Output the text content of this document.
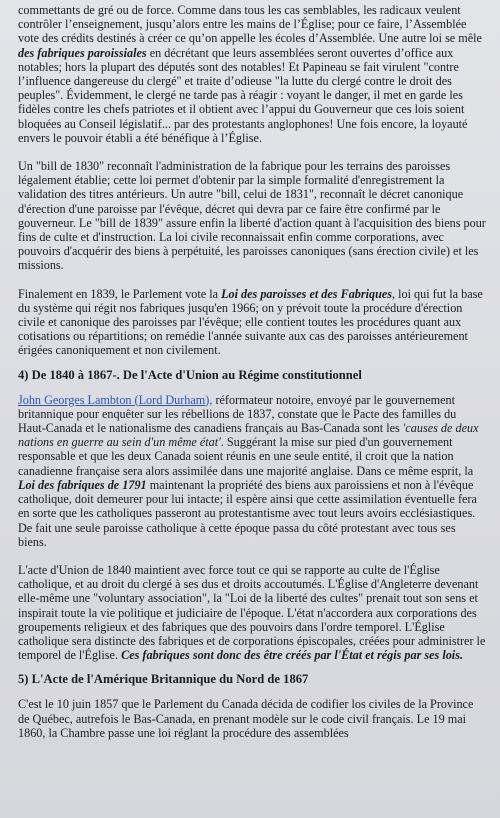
commettants de gré ou de force. Comme dans tous les cas semblables, les radicaux veulent contrôler l’enseignement, jusqu’alors entre les mains de l’Église; pour ce faire, l’Assemblée vote des crédits destinés à créer ce qu’on appelle les écoles d’Assemblée. Une autre loi se mêle des fabriques paroissiales en décrétant que leurs assemblées seront ouvertes d’office aux notables; hors la plupart des députés sont des notables! Et Papineau se fait virulent "contre l’influence dangereuse du clergé" et traite d’odieuse "la lutte du clergé contre le droit des peuples". Évidemment, le clergé ne tarde pas à réagir : voyant le danger, il met en garde les fidèles contre les chefs patriotes et il obtient avec l’appui du Gouverneur que ces lois soient bloquées au Conseil législatif... par des protestants anglophones! Une fois encore, la loyauté envers le pouvoir établi a été bénéfique à l’Église.

Un "bill de 1830" reconnaît l'administration de la fabrique pour les terrains des paroisses légalement établie; cette loi permet d'obtenir par la simple formalité d'enregistrement la validation des titres antérieurs. Un autre "bill, celui de 1831", reconnaît le décret canonique d'érection d'une paroisse par l'évêque, décret qui devra par ce faire être confirmé par le gouverneur. Le "bill de 1839" assure enfin la liberté d'action quant à l'acquisition des biens pour fins de culte et d'instruction. La loi civile reconnaissait enfin comme corporations, avec pouvoirs d'acquérir des biens à perpétuité, les paroisses canoniques (sans érection civile) et les missions.

Finalement en 1839, le Parlement vote la Loi des paroisses et des Fabriques, loi qui fut la base du système qui régit nos fabriques jusqu'en 1966; on y prévoit toute la procédure d'érection civile et canonique des paroisses par l'évêque; elle contient toutes les procédures quant aux cotisations ou répartitions; on remédie l'année suivante aux cas des paroisses antérieurement érigées canoniquement et non civilement.

4) De 1840 à 1867-. De l'Acte d'Union au Régime constitutionnel

John Georges Lambton (Lord Durham), réformateur notoire, envoyé par le gouvernement britannique pour enquêter sur les rébellions de 1837, constate que le Pacte des familles du Haut-Canada et le nationalisme des canadiens français au Bas-Canada sont les 'causes de deux nations en guerre au sein d'un même état'. Suggérant la mise sur pied d'un gouvernement responsable et que les deux Canada soient réunis en une seule entité, il croit que la nation canadienne française sera alors assimilée dans une majorité anglaise. Dans ce même esprit, la Loi des fabriques de 1791 maintenant la propriété des biens aux paroissiens et non à l'évêque catholique, doit demeurer pour lui intacte; il espère ainsi que cette assimilation éventuelle fera en sorte que les catholiques passeront au protestantisme avec tout leurs avoirs ecclésiastiques. De fait une seule paroisse catholique à cette époque passa du côté protestant avec tous ses biens.

L'acte d'Union de 1840 maintient avec force tout ce qui se rapporte au culte de l'Église catholique, et au droit du clergé à ses dus et droits accoutumés. L'Église d'Angleterre devenant elle-même une "voluntary association", la "Loi de la liberté des cultes" prenait tout son sens et inspirait toute la vie politique et judiciaire de l'époque. L'état n'accordera aux corporations des groupements religieux et des fabriques que des pouvoirs dans l'ordre temporel. L'Église catholique sera distincte des fabriques et de corporations épiscopales, créées pour administrer le temporel de l'Église. Ces fabriques sont donc des être créés par l'État et régis par ses lois.

5) L'Acte de l'Amérique Britannique du Nord de 1867

C'est le 10 juin 1857 que le Parlement du Canada décida de codifier los civiles de la Province de Québec, autrefois le Bas-Canada, en prenant modèle sur le code civil français. Le 19 mai 1860, la Chambre passe une loi réglant la procédure des assemblées
